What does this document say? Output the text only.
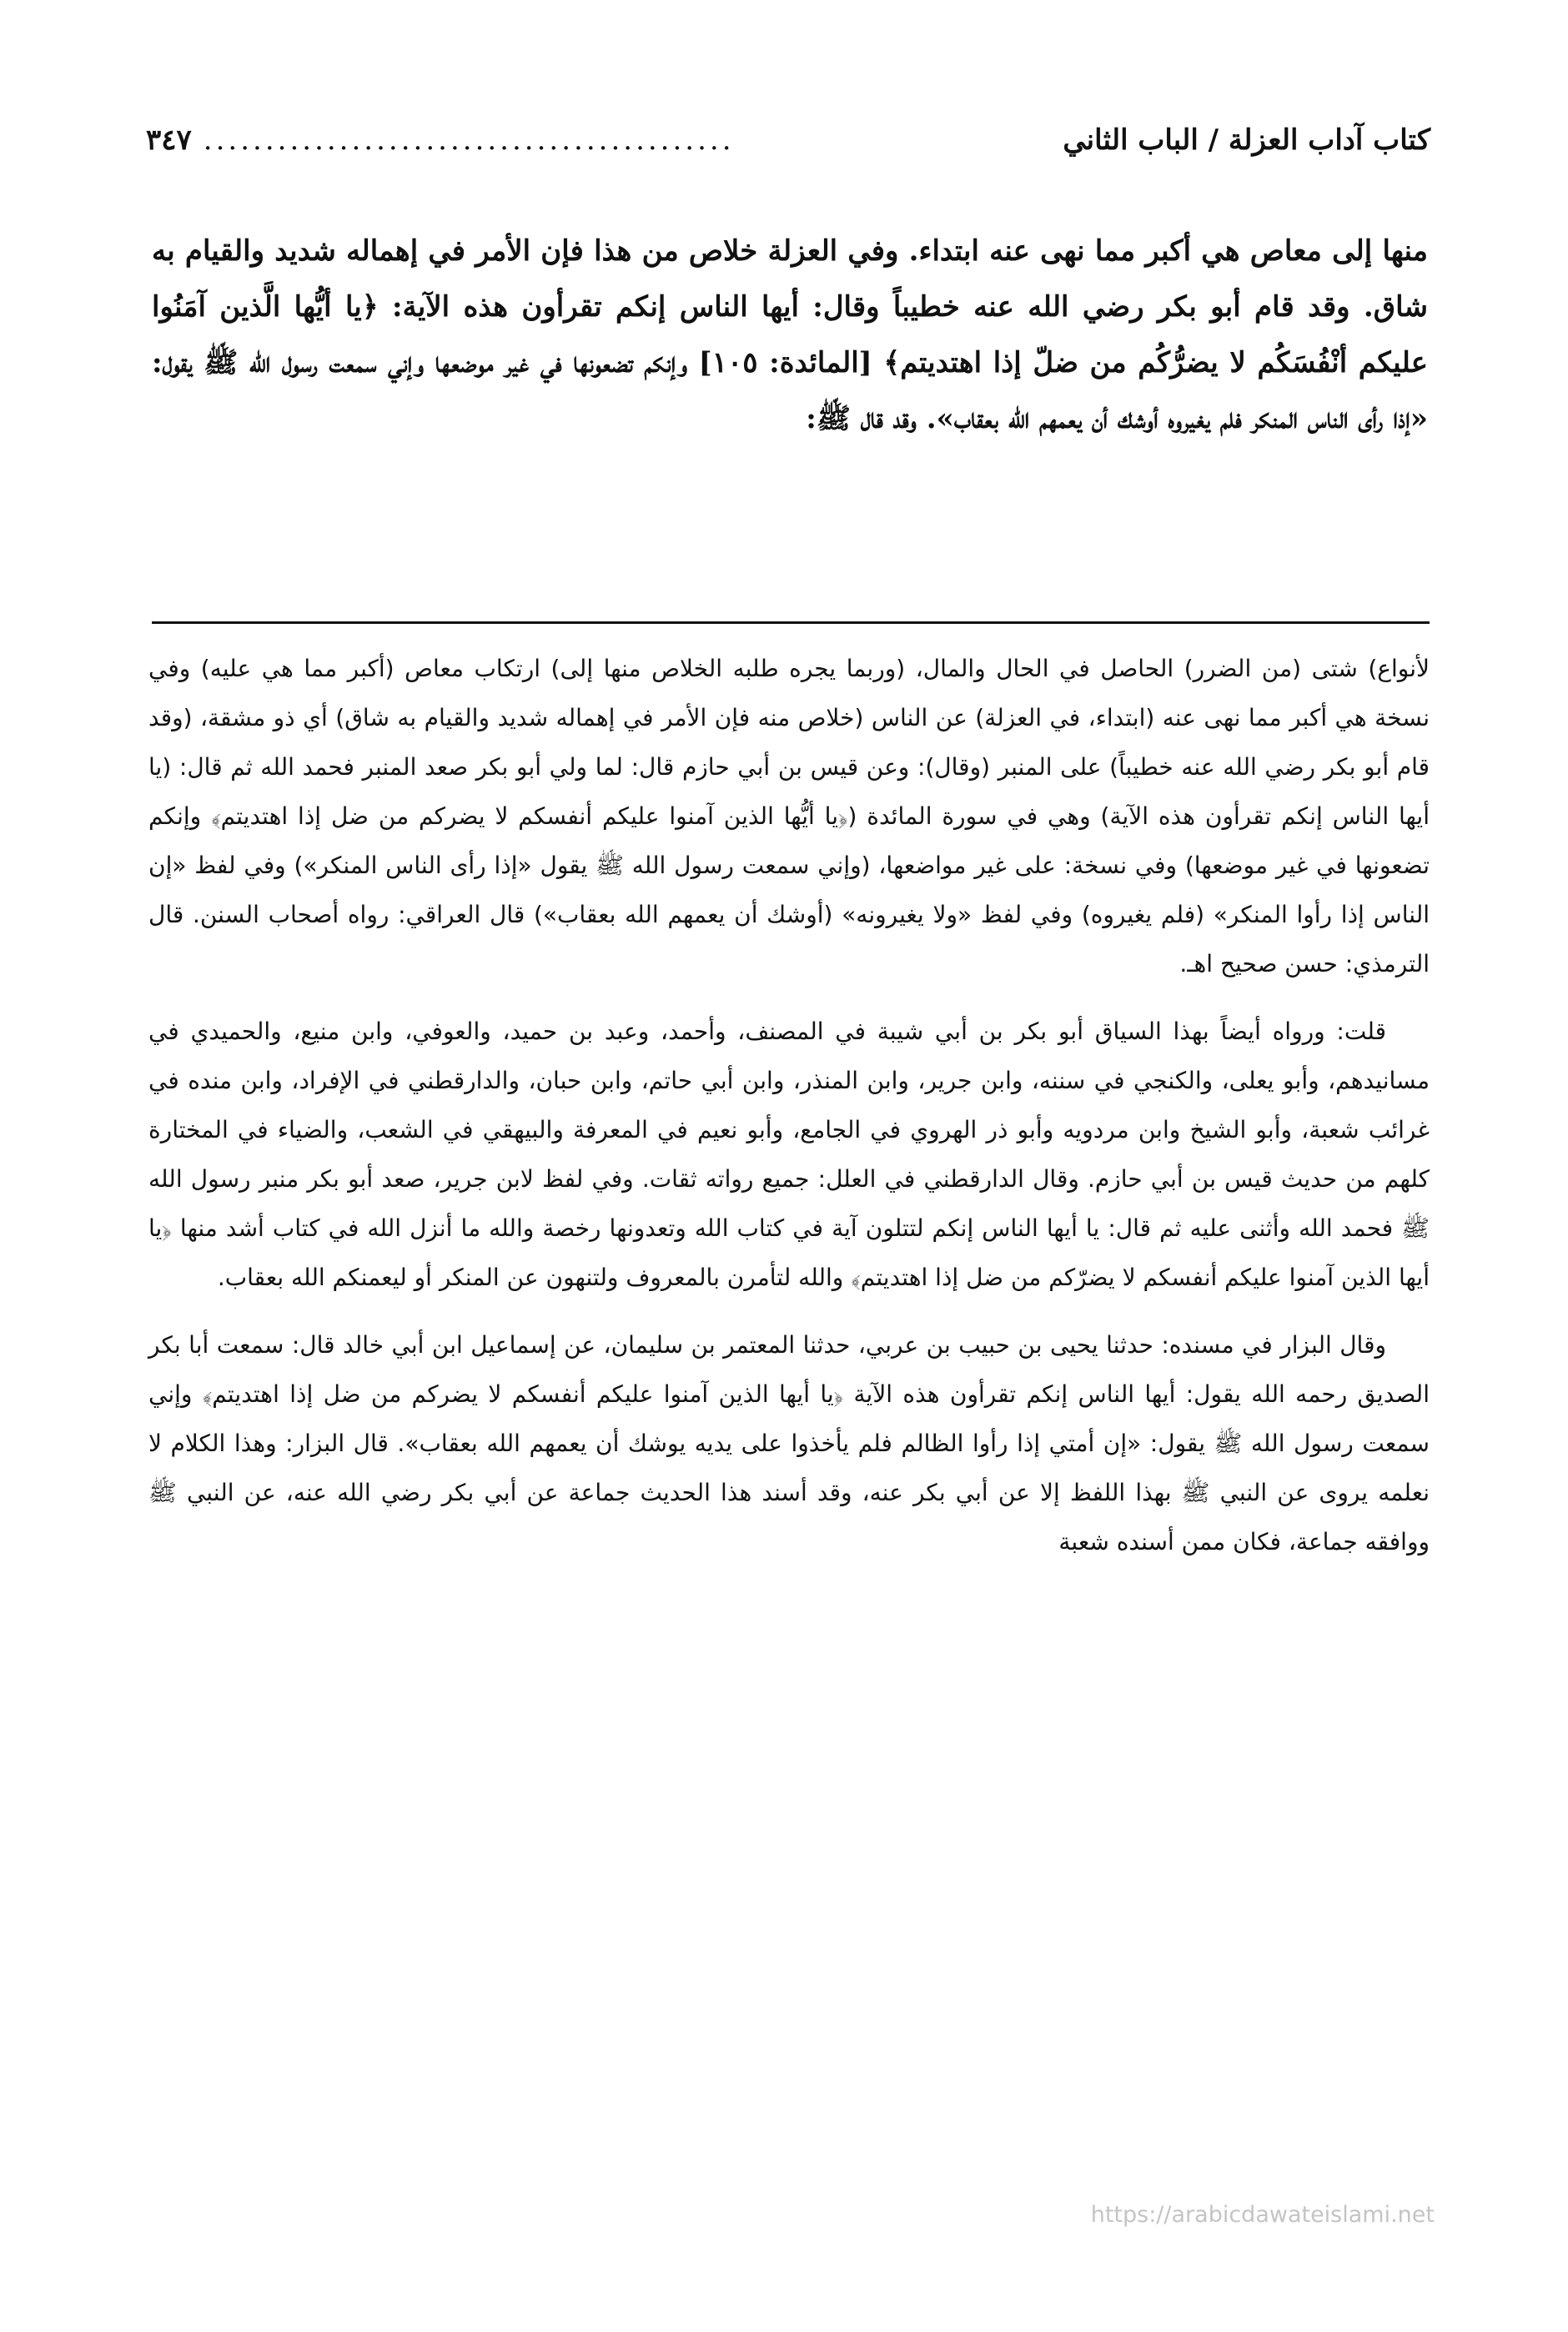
كتاب آداب العزلة / الباب الثاني
...........................................
٣٤٧

منها إلى معاص هي أكبر مما نهى عنه ابتداء. وفي العزلة خلاص من هذا فإن الأمر في إهماله شديد والقيام به شاق. وقد قام أبو بكر رضي الله عنه خطيباً وقال: أيها الناس إنكم تقرأون هذه الآية: ﴿يا أيُّها الَّذين آمَنُوا عليكم أنْفُسَكُم لا يضرُّكُم من ضلّ إذا اهتديتم﴾ [المائدة: ١٠٥] وإنكم تضعونها في غير موضعها وإني سمعت رسول الله ﷺ يقول: «إذا رأى الناس المنكر فلم يغيروه أوشك أن يعمهم الله بعقاب». وقد قال ﷺ:

لأنواع) شتى (من الضرر) الحاصل في الحال والمال، (وربما يجره طلبه الخلاص منها إلى) ارتكاب معاص (أكبر مما هي عليه) وفي نسخة هي أكبر مما نهى عنه (ابتداء، في العزلة) عن الناس (خلاص منه فإن الأمر في إهماله شديد والقيام به شاق) أي ذو مشقة، (وقد قام أبو بكر رضي الله عنه خطيباً) على المنبر (وقال): وعن قيس بن أبي حازم قال: لما ولي أبو بكر صعد المنبر فحمد الله ثم قال: (يا أيها الناس إنكم تقرأون هذه الآية) وهي في سورة المائدة (﴿يا أيُّها الذين آمنوا عليكم أنفسكم لا يضركم من ضل إذا اهتديتم﴾ وإنكم تضعونها في غير موضعها) وفي نسخة: على غير مواضعها، (وإني سمعت رسول الله ﷺ يقول «إذا رأى الناس المنكر») وفي لفظ «إن الناس إذا رأوا المنكر» (فلم يغيروه) وفي لفظ «ولا يغيرونه» (أوشك أن يعمهم الله بعقاب») قال العراقي: رواه أصحاب السنن. قال الترمذي: حسن صحيح اهـ.

قلت: ورواه أيضاً بهذا السياق أبو بكر بن أبي شيبة في المصنف، وأحمد، وعبد بن حميد، والعوفي، وابن منيع، والحميدي في مسانيدهم، وأبو يعلى، والكنجي في سننه، وابن جرير، وابن المنذر، وابن أبي حاتم، وابن حبان، والدارقطني في الإفراد، وابن منده في غرائب شعبة، وأبو الشيخ وابن مردويه وأبو ذر الهروي في الجامع، وأبو نعيم في المعرفة والبيهقي في الشعب، والضياء في المختارة كلهم من حديث قيس بن أبي حازم. وقال الدارقطني في العلل: جميع رواته ثقات. وفي لفظ لابن جرير، صعد أبو بكر منبر رسول الله ﷺ فحمد الله وأثنى عليه ثم قال: يا أيها الناس إنكم لتتلون آية في كتاب الله وتعدونها رخصة والله ما أنزل الله في كتاب أشد منها ﴿يا أيها الذين آمنوا عليكم أنفسكم لا يضرّكم من ضل إذا اهتديتم﴾ والله لتأمرن بالمعروف ولتنهون عن المنكر أو ليعمنكم الله بعقاب.

وقال البزار في مسنده: حدثنا يحيى بن حبيب بن عربي، حدثنا المعتمر بن سليمان، عن إسماعيل ابن أبي خالد قال: سمعت أبا بكر الصديق رحمه الله يقول: أيها الناس إنكم تقرأون هذه الآية ﴿يا أيها الذين آمنوا عليكم أنفسكم لا يضركم من ضل إذا اهتديتم﴾ وإني سمعت رسول الله ﷺ يقول: «إن أمتي إذا رأوا الظالم فلم يأخذوا على يديه يوشك أن يعمهم الله بعقاب». قال البزار: وهذا الكلام لا نعلمه يروى عن النبي ﷺ بهذا اللفظ إلا عن أبي بكر عنه، وقد أسند هذا الحديث جماعة عن أبي بكر رضي الله عنه، عن النبي ﷺ ووافقه جماعة، فكان ممن أسنده شعبة

https://arabicdawateislami.net
